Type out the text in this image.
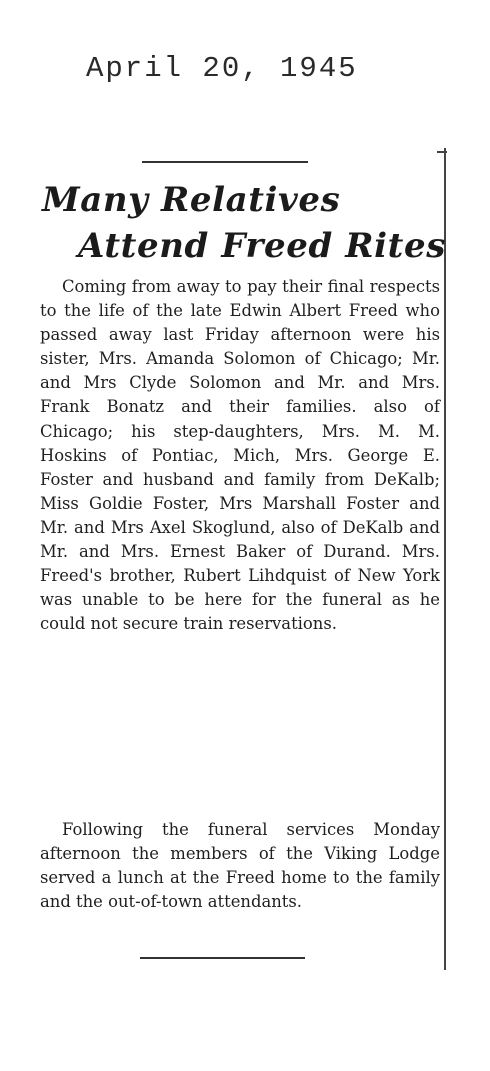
April 20, 1945
Many Relatives
Attend Freed Rites

Coming from away to pay their final respects to the life of the late Edwin Albert Freed who passed away last Friday afternoon were his sister, Mrs. Amanda Solomon of Chicago; Mr. and Mrs Clyde Solomon and Mr. and Mrs. Frank Bonatz and their families. also of Chicago; his step-daughters, Mrs. M. M. Hoskins of Pontiac, Mich, Mrs. George E. Foster and husband and family from DeKalb; Miss Goldie Foster, Mrs Marshall Foster and Mr. and Mrs Axel Skoglund, also of DeKalb and Mr. and Mrs. Ernest Baker of Durand. Mrs. Freed's brother, Rubert Lihdquist of New York was unable to be here for the funeral as he could not secure train reservations.

Following the funeral services Monday afternoon the members of the Viking Lodge served a lunch at the Freed home to the family and the out-of-town attendants.
